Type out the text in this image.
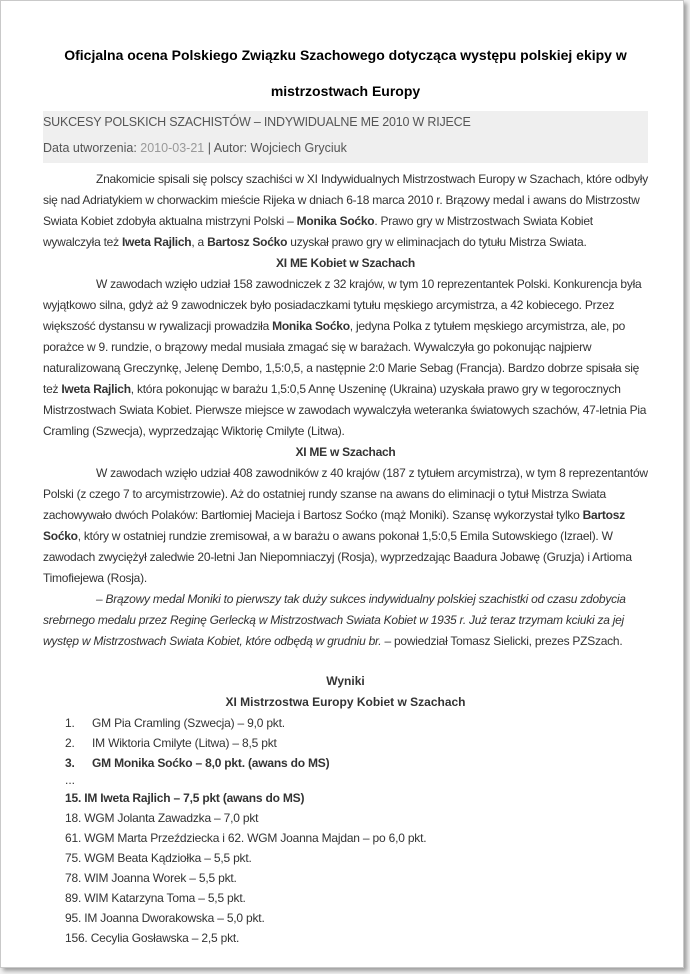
Oficjalna ocena Polskiego Związku Szachowego dotycząca występu polskiej ekipy w
mistrzostwach Europy
SUKCESY POLSKICH SZACHISTÓW – INDYWIDUALNE ME 2010 W RIJECE
Data utworzenia: 2010-03-21 | Autor: Wojciech Gryciuk

Znakomicie spisali się polscy szachiści w XI Indywidualnych Mistrzostwach Europy w Szachach, które odbyły się nad Adriatykiem w chorwackim mieście Rijeka w dniach 6-18 marca 2010 r. Brązowy medal i awans do Mistrzostw Swiata Kobiet zdobyła aktualna mistrzyni Polski – Monika Soćko. Prawo gry w Mistrzostwach Swiata Kobiet wywalczyła też Iweta Rajlich, a Bartosz Soćko uzyskał prawo gry w eliminacjach do tytułu Mistrza Swiata.

XI ME Kobiet w Szachach

W zawodach wzięło udział 158 zawodniczek z 32 krajów, w tym 10 reprezentantek Polski. Konkurencja była wyjątkowo silna, gdyż aż 9 zawodniczek było posiadaczkami tytułu męskiego arcymistrza, a 42 kobiecego. Przez większość dystansu w rywalizacji prowadziła Monika Soćko, jedyna Polka z tytułem męskiego arcymistrza, ale, po porażce w 9. rundzie, o brązowy medal musiała zmagać się w barażach. Wywalczyła go pokonując najpierw naturalizowaną Greczynkę, Jelenę Dembo, 1,5:0,5, a następnie 2:0 Marie Sebag (Francja). Bardzo dobrze spisała się też Iweta Rajlich, która pokonując w barażu 1,5:0,5 Annę Uszeninę (Ukraina) uzyskała prawo gry w tegorocznych Mistrzostwach Swiata Kobiet. Pierwsze miejsce w zawodach wywalczyła weteranka światowych szachów, 47-letnia Pia Cramling (Szwecja), wyprzedzając Wiktorię Cmilyte (Litwa).

XI ME w Szachach

W zawodach wzięło udział 408 zawodników z 40 krajów (187 z tytułem arcymistrza), w tym 8 reprezentantów Polski (z czego 7 to arcymistrzowie). Aż do ostatniej rundy szanse na awans do eliminacji o tytuł Mistrza Swiata zachowywało dwóch Polaków: Bartłomiej Macieja i Bartosz Soćko (mąż Moniki). Szansę wykorzystał tylko Bartosz Soćko, który w ostatniej rundzie zremisował, a w barażu o awans pokonał 1,5:0,5 Emila Sutowskiego (Izrael). W zawodach zwyciężył zaledwie 20-letni Jan Niepomniaczyj (Rosja), wyprzedzając Baadura Jobawę (Gruzja) i Artioma Timofiejewa (Rosja).

– Brązowy medal Moniki to pierwszy tak duży sukces indywidualny polskiej szachistki od czasu zdobycia srebrnego medalu przez Reginę Gerlecką w Mistrzostwach Swiata Kobiet w 1935 r. Już teraz trzymam kciuki za jej występ w Mistrzostwach Swiata Kobiet, które odbędą w grudniu br. – powiedział Tomasz Sielicki, prezes PZSzach.

Wyniki
XI Mistrzostwa Europy Kobiet w Szachach
1. GM Pia Cramling (Szwecja) – 9,0 pkt.
2. IM Wiktoria Cmilyte (Litwa) – 8,5 pkt
3. GM Monika Soćko – 8,0 pkt. (awans do MS)
...
15. IM Iweta Rajlich – 7,5 pkt (awans do MS)
18. WGM Jolanta Zawadzka – 7,0 pkt
61. WGM Marta Przeździecka i 62. WGM Joanna Majdan – po 6,0 pkt.
75. WGM Beata Kądziołka – 5,5 pkt.
78. WIM Joanna Worek – 5,5 pkt.
89. WIM Katarzyna Toma – 5,5 pkt.
95. IM Joanna Dworakowska – 5,0 pkt.
156. Cecylia Gosławska – 2,5 pkt.
